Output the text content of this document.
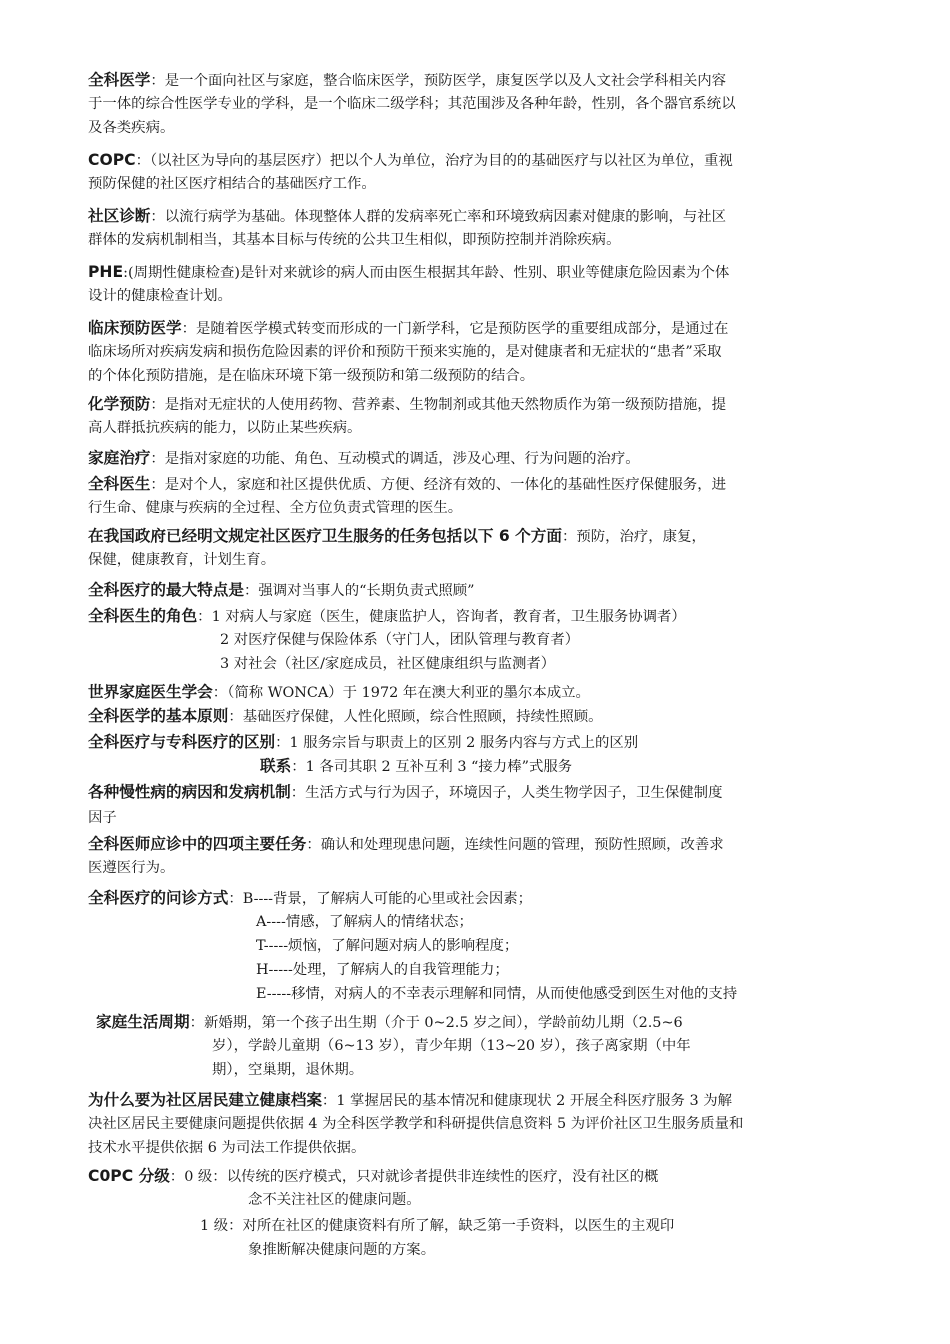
全科医学：是一个面向社区与家庭，整合临床医学，预防医学，康复医学以及人文社会学科相关内容
于一体的综合性医学专业的学科，是一个临床二级学科；其范围涉及各种年龄，性别，各个器官系统以
及各类疾病。
COPC：（以社区为导向的基层医疗）把以个人为单位，治疗为目的的基础医疗与以社区为单位，重视
预防保健的社区医疗相结合的基础医疗工作。
社区诊断：以流行病学为基础。体现整体人群的发病率死亡率和环境致病因素对健康的影响，与社区
群体的发病机制相当，其基本目标与传统的公共卫生相似，即预防控制并消除疾病。
PHE:(周期性健康检查)是针对来就诊的病人而由医生根据其年龄、性别、职业等健康危险因素为个体
设计的健康检查计划。
临床预防医学：是随着医学模式转变而形成的一门新学科，它是预防医学的重要组成部分，是通过在
临床场所对疾病发病和损伤危险因素的评价和预防干预来实施的，是对健康者和无症状的“患者”采取
的个体化预防措施，是在临床环境下第一级预防和第二级预防的结合。
化学预防：是指对无症状的人使用药物、营养素、生物制剂或其他天然物质作为第一级预防措施，提
高人群抵抗疾病的能力，以防止某些疾病。
家庭治疗：是指对家庭的功能、角色、互动模式的调适，涉及心理、行为问题的治疗。
全科医生：是对个人，家庭和社区提供优质、方便、经济有效的、一体化的基础性医疗保健服务，进
行生命、健康与疾病的全过程、全方位负责式管理的医生。
在我国政府已经明文规定社区医疗卫生服务的任务包括以下 6 个方面：预防，治疗，康复，
保健，健康教育，计划生育。
全科医疗的最大特点是：强调对当事人的“长期负责式照顾”
全科医生的角色：1 对病人与家庭（医生，健康监护人，咨询者，教育者，卫生服务协调者）
2 对医疗保健与保险体系（守门人，团队管理与教育者）
3 对社会（社区/家庭成员，社区健康组织与监测者）
世界家庭医生学会：（简称 WONCA）于 1972 年在澳大利亚的墨尔本成立。
全科医学的基本原则：基础医疗保健，人性化照顾，综合性照顾，持续性照顾。
全科医疗与专科医疗的区别：1 服务宗旨与职责上的区别 2 服务内容与方式上的区别
联系：1 各司其职 2 互补互利 3 “接力棒”式服务
各种慢性病的病因和发病机制：生活方式与行为因子，环境因子，人类生物学因子，卫生保健制度
因子
全科医师应诊中的四项主要任务：确认和处理现患问题，连续性问题的管理，预防性照顾，改善求
医遵医行为。
全科医疗的问诊方式：B----背景，了解病人可能的心里或社会因素；
A----情感，了解病人的情绪状态；
T-----烦恼，了解问题对病人的影响程度；
H-----处理，了解病人的自我管理能力；
E-----移情，对病人的不幸表示理解和同情，从而使他感受到医生对他的支持
家庭生活周期：新婚期，第一个孩子出生期（介于 0~2.5 岁之间），学龄前幼儿期（2.5~6
岁），学龄儿童期（6~13 岁），青少年期（13~20 岁），孩子离家期（中年
期），空巢期，退休期。
为什么要为社区居民建立健康档案：1 掌握居民的基本情况和健康现状 2 开展全科医疗服务 3 为解
决社区居民主要健康问题提供依据 4 为全科医学教学和科研提供信息资料 5 为评价社区卫生服务质量和
技术水平提供依据 6 为司法工作提供依据。
C0PC 分级：0 级：以传统的医疗模式，只对就诊者提供非连续性的医疗，没有社区的概
念不关注社区的健康问题。
1 级：对所在社区的健康资料有所了解，缺乏第一手资料，以医生的主观印
象推断解决健康问题的方案。
